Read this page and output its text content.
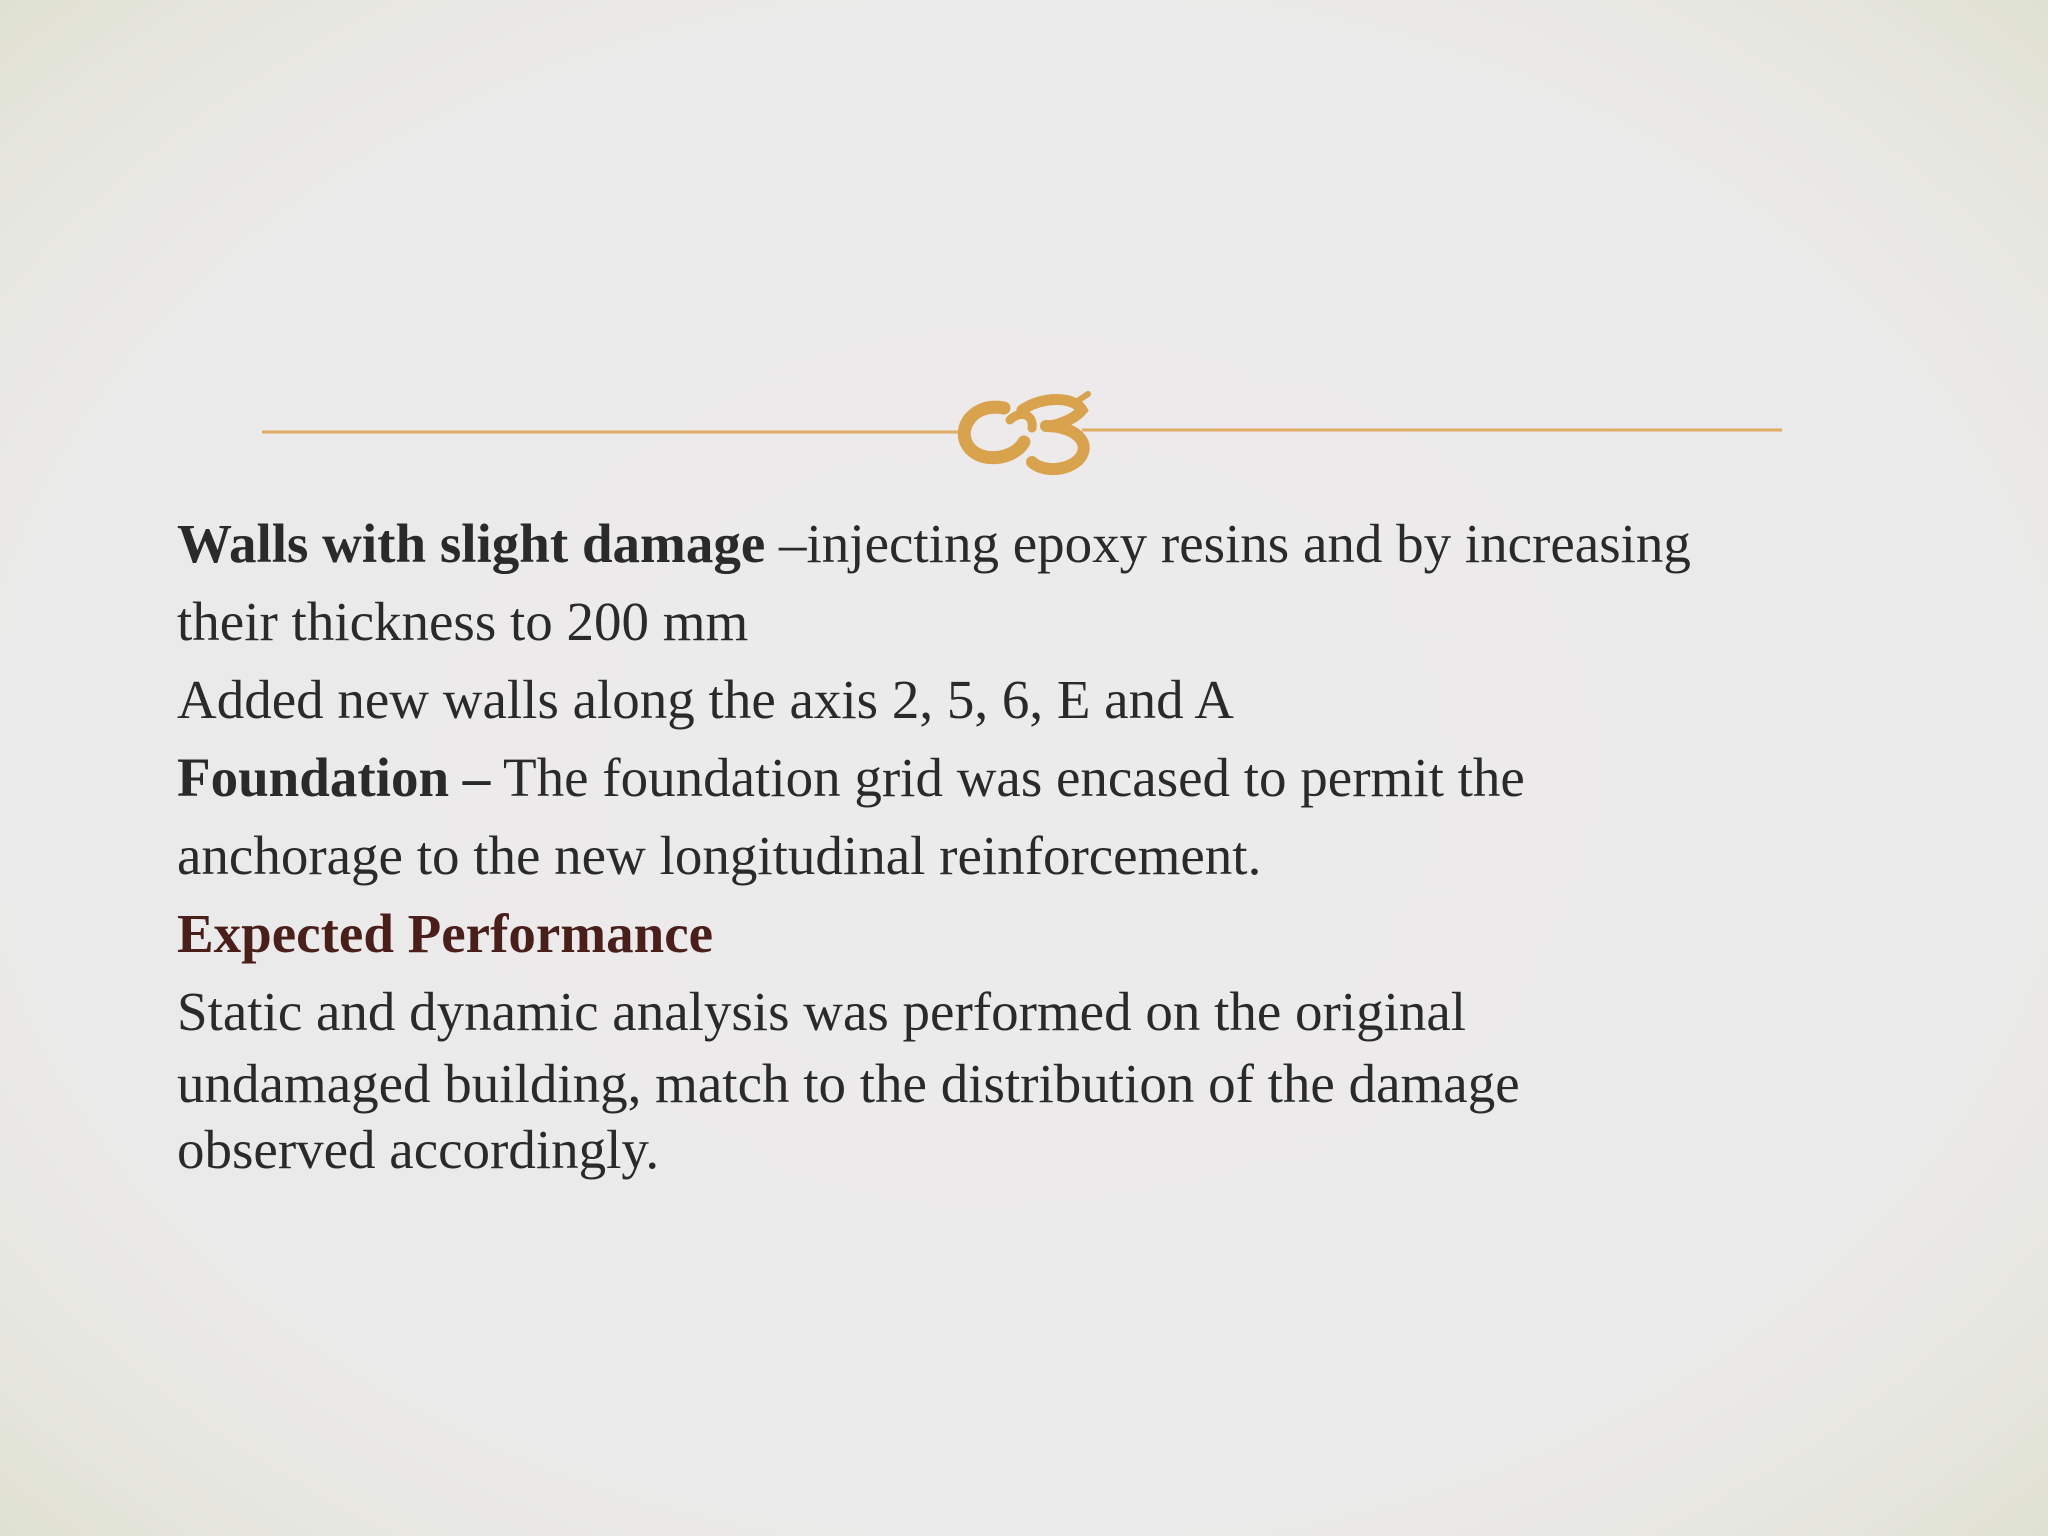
Walls with slight damage –injecting epoxy resins and by increasing their thickness to 200 mm

Added new walls along the axis 2, 5, 6, E and A

Foundation – The foundation grid was encased to permit the anchorage to the new longitudinal reinforcement.

Expected Performance

Static and dynamic analysis was performed on the original

undamaged building, match to the distribution of the damage

observed accordingly.
